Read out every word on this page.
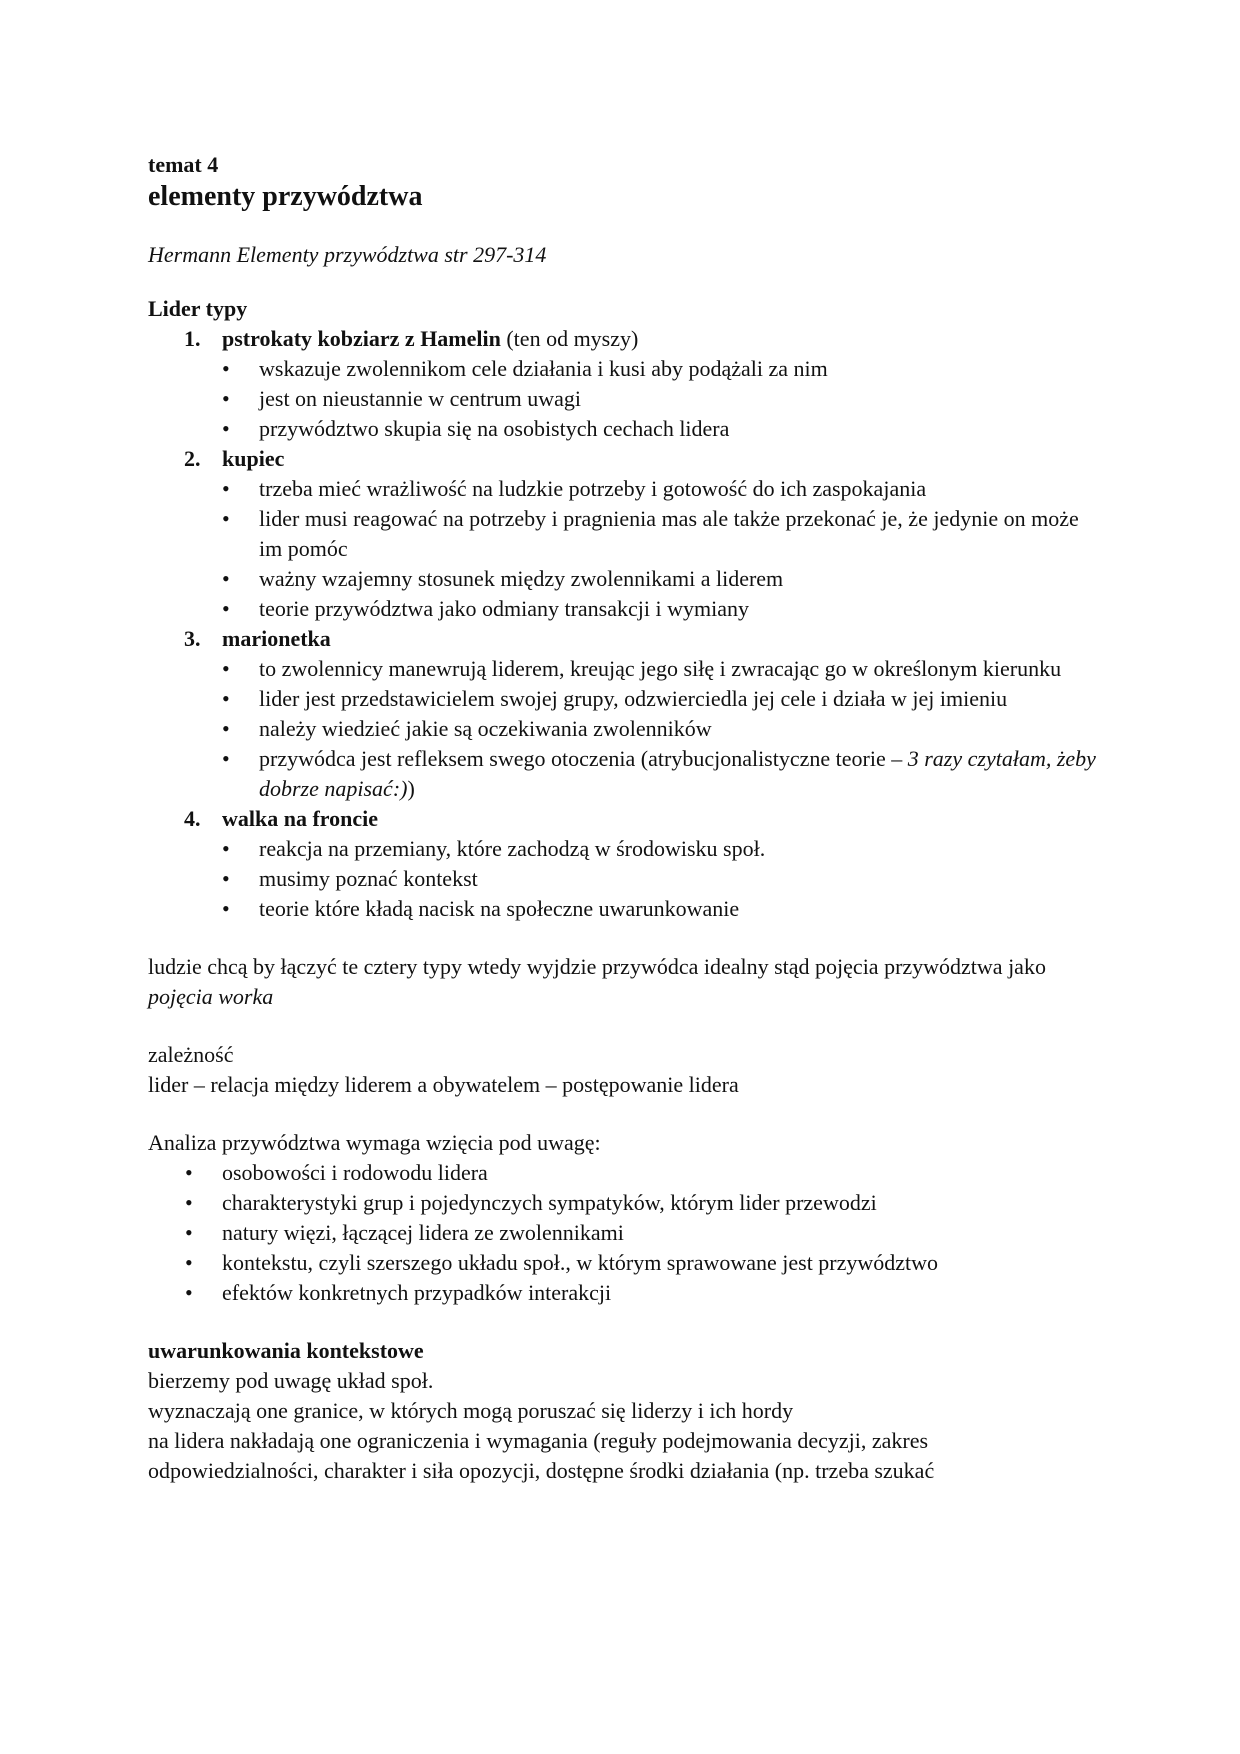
temat 4

elementy przywództwa

Hermann Elementy przywództwa str 297-314

Lider typy

1. pstrokaty kobziarz z Hamelin (ten od myszy)
• wskazuje zwolennikom cele działania i kusi aby podążali za nim
• jest on nieustannie w centrum uwagi
• przywództwo skupia się na osobistych cechach lidera
2. kupiec
• trzeba mieć wrażliwość na ludzkie potrzeby i gotowość do ich zaspokajania
• lider musi reagować na potrzeby i pragnienia mas ale także przekonać je, że jedynie on może im pomóc
• ważny wzajemny stosunek między zwolennikami a liderem
• teorie przywództwa jako odmiany transakcji i wymiany
3. marionetka
• to zwolennicy manewrują liderem, kreując jego siłę i zwracając go w określonym kierunku
• lider jest przedstawicielem swojej grupy, odzwierciedla jej cele i działa w jej imieniu
• należy wiedzieć jakie są oczekiwania zwolenników
• przywódca jest refleksem swego otoczenia (atrybucjonalistyczne teorie – 3 razy czytałam, żeby dobrze napisać:))
4. walka na froncie
• reakcja na przemiany, które zachodzą w środowisku społ.
• musimy poznać kontekst
• teorie które kładą nacisk na społeczne uwarunkowanie

ludzie chcą by łączyć te cztery typy wtedy wyjdzie przywódca idealny stąd pojęcia przywództwa jako pojęcia worka

zależność

lider – relacja między liderem a obywatelem – postępowanie lidera

Analiza przywództwa wymaga wzięcia pod uwagę:

• osobowości i rodowodu lidera
• charakterystyki grup i pojedynczych sympatyków, którym lider przewodzi
• natury więzi, łączącej lidera ze zwolennikami
• kontekstu, czyli szerszego układu społ., w którym sprawowane jest przywództwo
• efektów konkretnych przypadków interakcji

uwarunkowania kontekstowe

bierzemy pod uwagę układ społ.

wyznaczają one granice, w których mogą poruszać się liderzy i ich hordy

na lidera nakładają one ograniczenia i wymagania (reguły podejmowania decyzji, zakres odpowiedzialności, charakter i siła opozycji, dostępne środki działania (np. trzeba szukać
